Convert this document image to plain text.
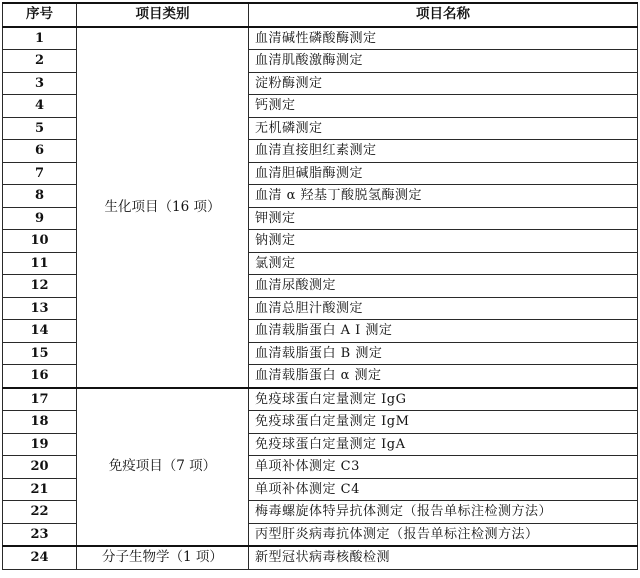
序号	项目类别	项目名称
1	生化项目（16 项）	血清碱性磷酸酶测定
2		血清肌酸激酶测定
3		淀粉酶测定
4		钙测定
5		无机磷测定
6		血清直接胆红素测定
7		血清胆碱脂酶测定
8		血清 α 羟基丁酸脱氢酶测定
9		钾测定
10		钠测定
11		氯测定
12		血清尿酸测定
13		血清总胆汁酸测定
14		血清载脂蛋白 A Ⅰ 测定
15		血清载脂蛋白 B 测定
16		血清载脂蛋白 α 测定
17	免疫项目（7 项）	免疫球蛋白定量测定 IgG
18		免疫球蛋白定量测定 IgM
19		免疫球蛋白定量测定 IgA
20		单项补体测定 C3
21		单项补体测定 C4
22		梅毒螺旋体特异抗体测定（报告单标注检测方法）
23		丙型肝炎病毒抗体测定（报告单标注检测方法）
24	分子生物学（1 项）	新型冠状病毒核酸检测
